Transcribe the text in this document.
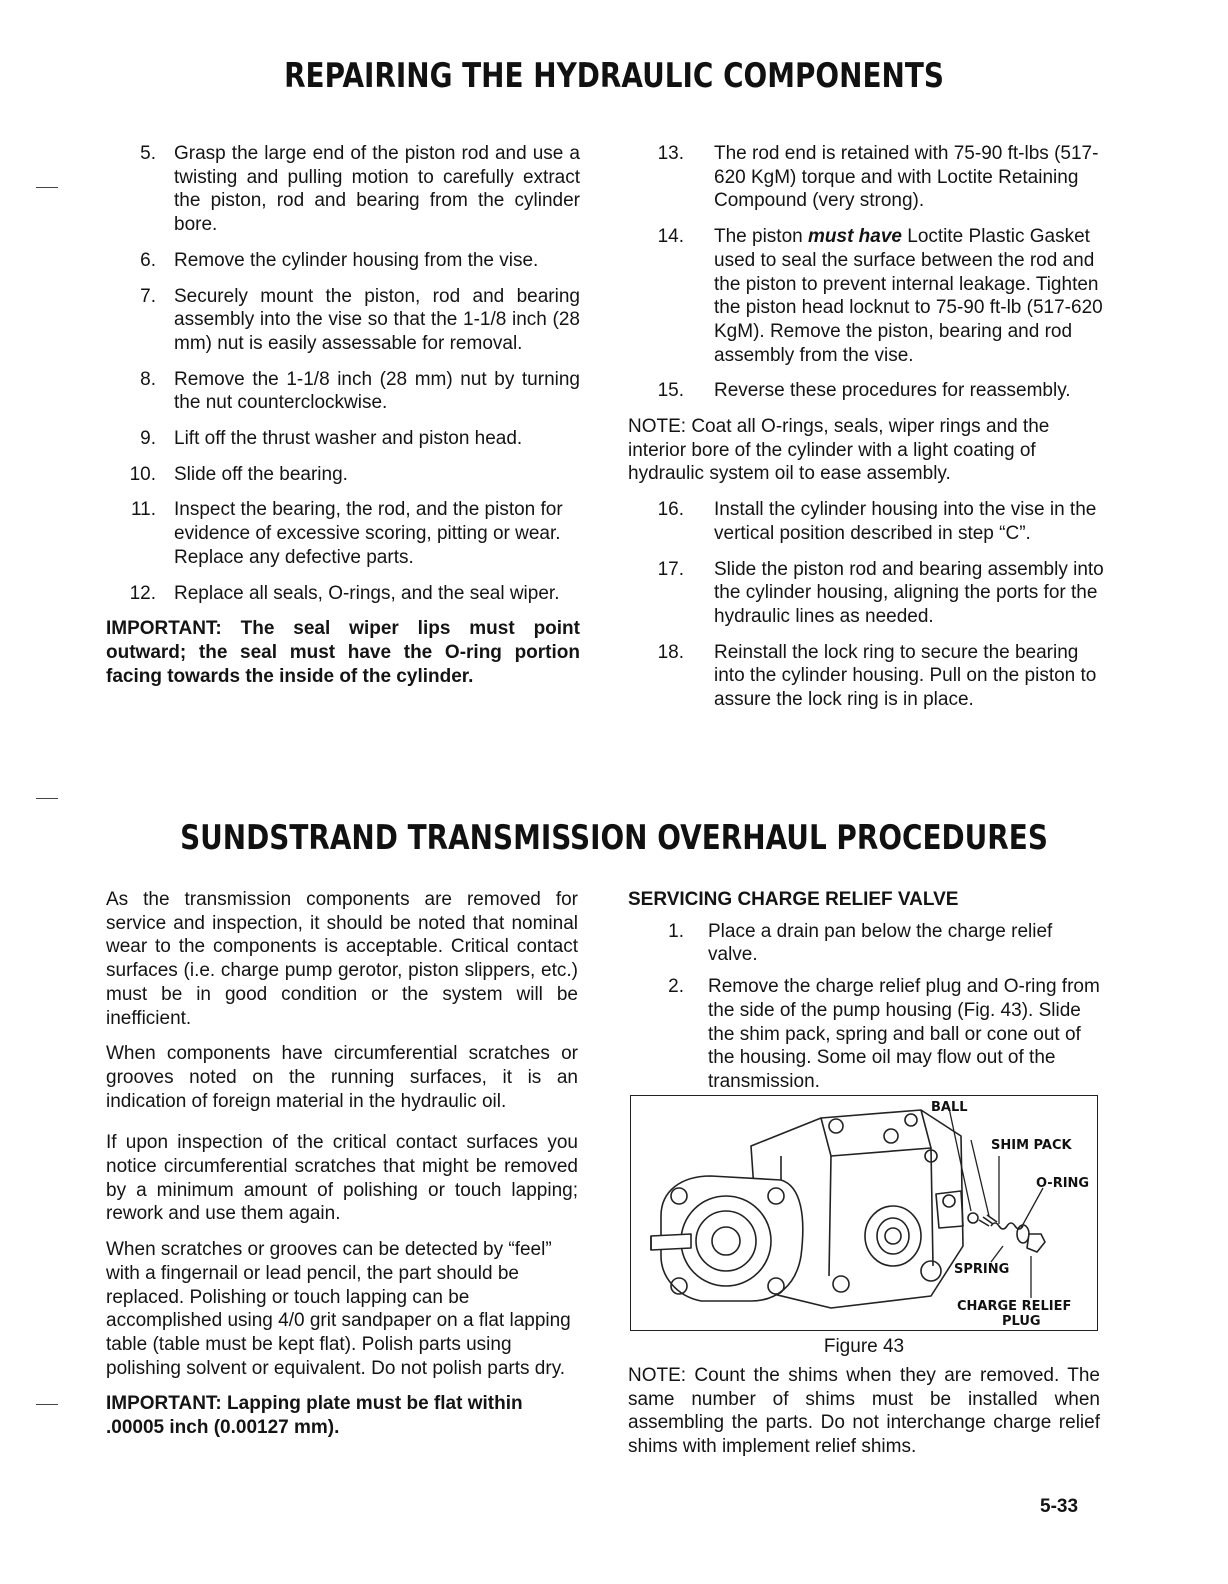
REPAIRING THE HYDRAULIC COMPONENTS
5. Grasp the large end of the piston rod and use a twisting and pulling motion to carefully extract the piston, rod and bearing from the cylinder bore.
6. Remove the cylinder housing from the vise.
7. Securely mount the piston, rod and bearing assembly into the vise so that the 1-1/8 inch (28 mm) nut is easily assessable for removal.
8. Remove the 1-1/8 inch (28 mm) nut by turning the nut counterclockwise.
9. Lift off the thrust washer and piston head.
10. Slide off the bearing.
11. Inspect the bearing, the rod, and the piston for evidence of excessive scoring, pitting or wear. Replace any defective parts.
12. Replace all seals, O-rings, and the seal wiper.

IMPORTANT: The seal wiper lips must point outward; the seal must have the O-ring portion facing towards the inside of the cylinder.

13. The rod end is retained with 75-90 ft-lbs (517-620 KgM) torque and with Loctite Retaining Compound (very strong).
14. The piston must have Loctite Plastic Gasket used to seal the surface between the rod and the piston to prevent internal leakage. Tighten the piston head locknut to 75-90 ft-lb (517-620 KgM). Remove the piston, bearing and rod assembly from the vise.
15. Reverse these procedures for reassembly.

NOTE: Coat all O-rings, seals, wiper rings and the interior bore of the cylinder with a light coating of hydraulic system oil to ease assembly.

16. Install the cylinder housing into the vise in the vertical position described in step “C”.
17. Slide the piston rod and bearing assembly into the cylinder housing, aligning the ports for the hydraulic lines as needed.
18. Reinstall the lock ring to secure the bearing into the cylinder housing. Pull on the piston to assure the lock ring is in place.
SUNDSTRAND TRANSMISSION OVERHAUL PROCEDURES

As the transmission components are removed for service and inspection, it should be noted that nominal wear to the components is acceptable. Critical contact surfaces (i.e. charge pump gerotor, piston slippers, etc.) must be in good condition or the system will be inefficient.

When components have circumferential scratches or grooves noted on the running surfaces, it is an indication of foreign material in the hydraulic oil.

If upon inspection of the critical contact surfaces you notice circumferential scratches that might be removed by a minimum amount of polishing or touch lapping; rework and use them again.

When scratches or grooves can be detected by “feel” with a fingernail or lead pencil, the part should be replaced. Polishing or touch lapping can be accomplished using 4/0 grit sandpaper on a flat lapping table (table must be kept flat). Polish parts using polishing solvent or equivalent. Do not polish parts dry.

IMPORTANT: Lapping plate must be flat within .00005 inch (0.00127 mm).

SERVICING CHARGE RELIEF VALVE
1. Place a drain pan below the charge relief valve.
2. Remove the charge relief plug and O-ring from the side of the pump housing (Fig. 43). Slide the shim pack, spring and ball or cone out of the housing. Some oil may flow out of the transmission.
BALL
SHIM PACK
O-RING
SPRING
CHARGE RELIEF
PLUG
Figure 43

NOTE: Count the shims when they are removed. The same number of shims must be installed when assembling the parts. Do not interchange charge relief shims with implement relief shims.

5-33
